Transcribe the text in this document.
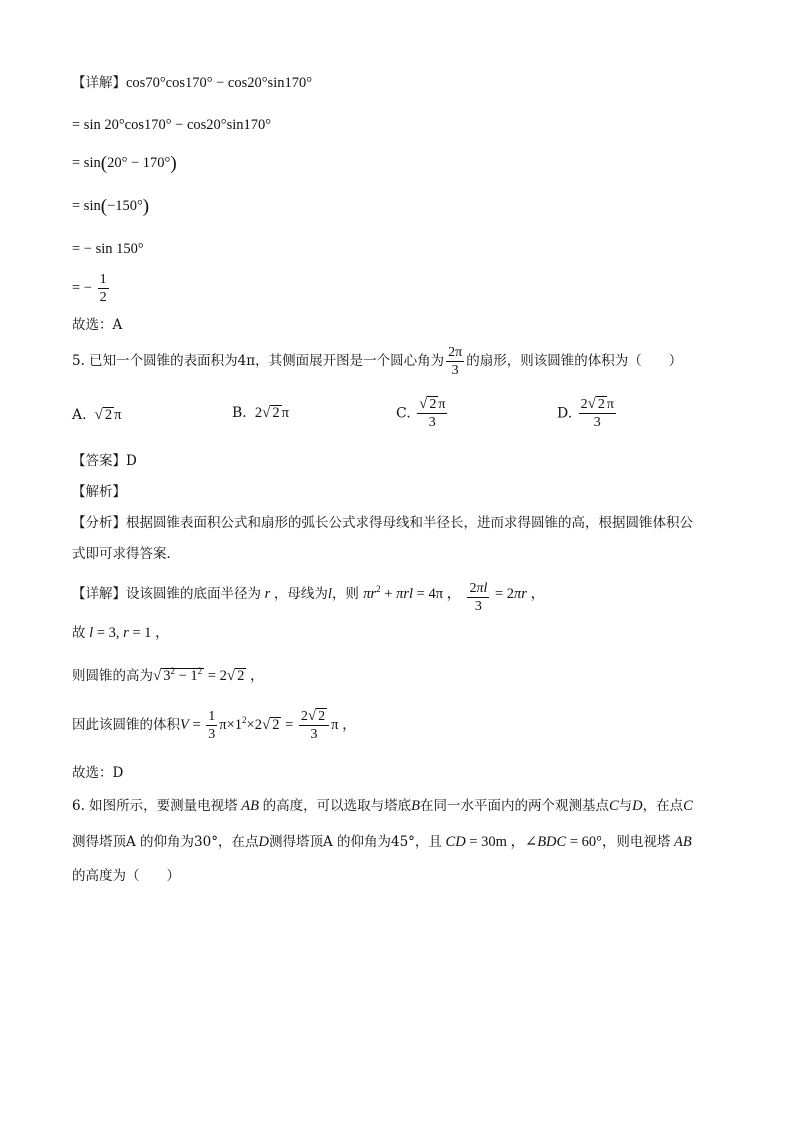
【详解】cos70°cos170° − cos20°sin170°
= sin 20°cos170° − cos20°sin170°
= sin(20° − 170°)
= sin(−150°)
= − sin 150°
= − $\frac{1}{2}$
故选：A
5. 已知一个圆锥的表面积为4π，其侧面展开图是一个圆心角为 $\frac{2\pi}{3}$ 的扇形，则该圆锥的体积为（　　）
A. √ 2 π	B.  2√ 2 π	C. $\frac{√ 2 \pi}{3}$	D. $\frac{2√ 2 \pi}{3}$
【答案】D
【解析】
【分析】根据圆锥表面积公式和扇形的弧长公式求得母线和半径长，进而求得圆锥的高，根据圆锥体积公
式即可求得答案．
【详解】设该圆锥的底面半径为 r ，母线为l，则 $\pi r^2 + \pi rl = 4\pi$ ， $\frac{2\pi l}{3} = 2\pi r$ ，
故 l = 3, r = 1 ，
则圆锥的高为√ $3^2 - 1^2 = 2√$ 2 ，
因此该圆锥的体积$V = \frac{1}{3} \pi\times 1^2\times 2√$ $2 = \frac{2√ 2}{3}$ π ，
故选：D
6. 如图所示，要测量电视塔 AB 的高度，可以选取与塔底B在同一水平面内的两个观测基点C与D，在点C
测得塔顶A 的仰角为30°，在点D测得塔顶A 的仰角为45°，且 CD = 30m ，∠BDC = 60°，则电视塔 AB
的高度为（　　）
